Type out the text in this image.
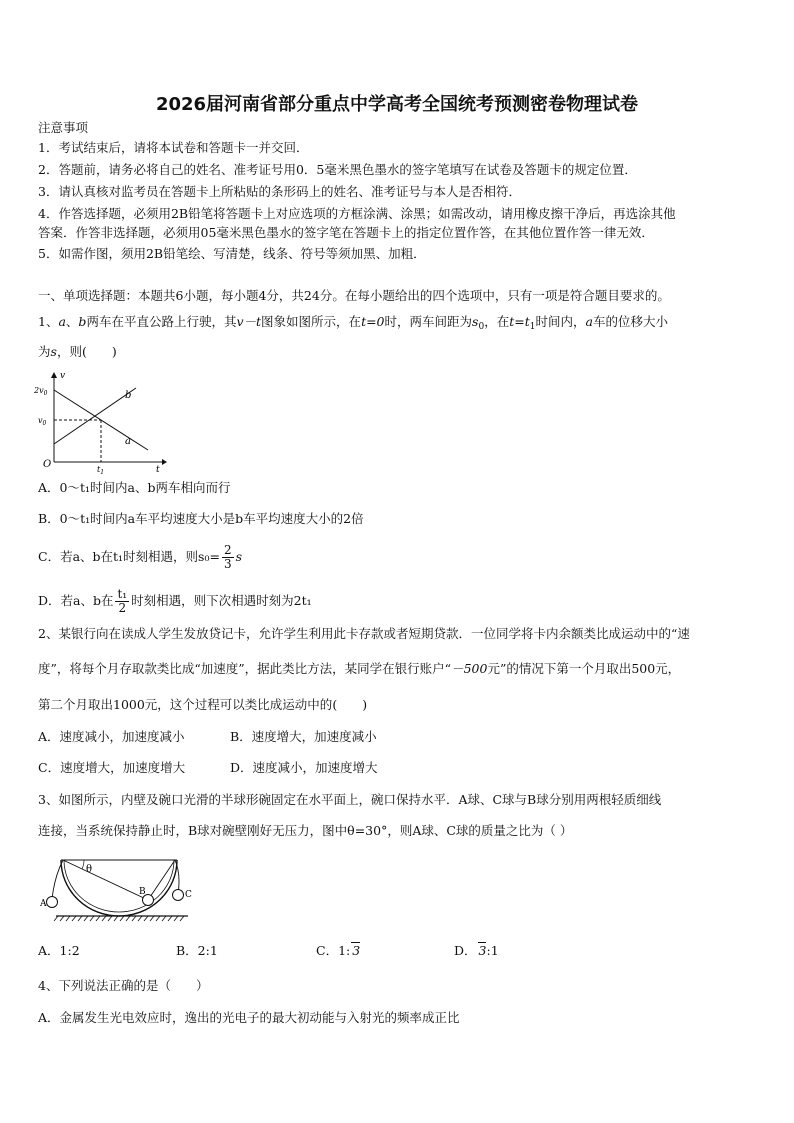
2026届河南省部分重点中学高考全国统考预测密卷物理试卷
注意事项
1．考试结束后，请将本试卷和答题卡一并交回．
2．答题前，请务必将自己的姓名、准考证号用0．5毫米黑色墨水的签字笔填写在试卷及答题卡的规定位置．
3．请认真核对监考员在答题卡上所粘贴的条形码上的姓名、准考证号与本人是否相符．
4．作答选择题，必须用2B铅笔将答题卡上对应选项的方框涂满、涂黑；如需改动，请用橡皮擦干净后，再选涂其他
答案．作答非选择题，必须用05毫米黑色墨水的签字笔在答题卡上的指定位置作答，在其他位置作答一律无效．
5．如需作图，须用2B铅笔绘、写清楚，线条、符号等须加黑、加粗．
一、单项选择题：本题共6小题，每小题4分，共24分。在每小题给出的四个选项中，只有一项是符合题目要求的。
1、a、b两车在平直公路上行驶，其v－t图象如图所示，在t=0时，两车间距为$s_0$，在$t=t_1$时间内，a车的位移大小
为s，则(　　)
v
t
O
$2v_0$
$v_0$
$t_1$
a
b
A．0～t₁时间内a、b两车相向而行
B．0～t₁时间内a车平均速度大小是b车平均速度大小的2倍
C．若a、b在t₁时刻相遇，则$s_0= \frac{2}{3}$ s
D．若a、b在 $\frac{\text{t₁}}{2}$ 时刻相遇，则下次相遇时刻为2t₁
2、某银行向在读成人学生发放贷记卡，允许学生利用此卡存款或者短期贷款．一位同学将卡内余额类比成运动中的“速
度”，将每个月存取款类比成“加速度”，据此类比方法，某同学在银行账户“－500元”的情况下第一个月取出500元，
第二个月取出1000元，这个过程可以类比成运动中的(　　)
A．速度减小，加速度减小	B．速度增大，加速度减小
C．速度增大，加速度增大	D．速度减小，加速度增大
3、如图所示，内壁及碗口光滑的半球形碗固定在水平面上，碗口保持水平．A球、C球与B球分别用两根轻质细线
连接，当系统保持静止时，B球对碗壁刚好无压力，图中θ=30°，则A球、C球的质量之比为（ ）
θ
A
B	C
A．1:2	B．2:1	C．1: 3	D． 3:1
4、下列说法正确的是（　　）
A．金属发生光电效应时，逸出的光电子的最大初动能与入射光的频率成正比
